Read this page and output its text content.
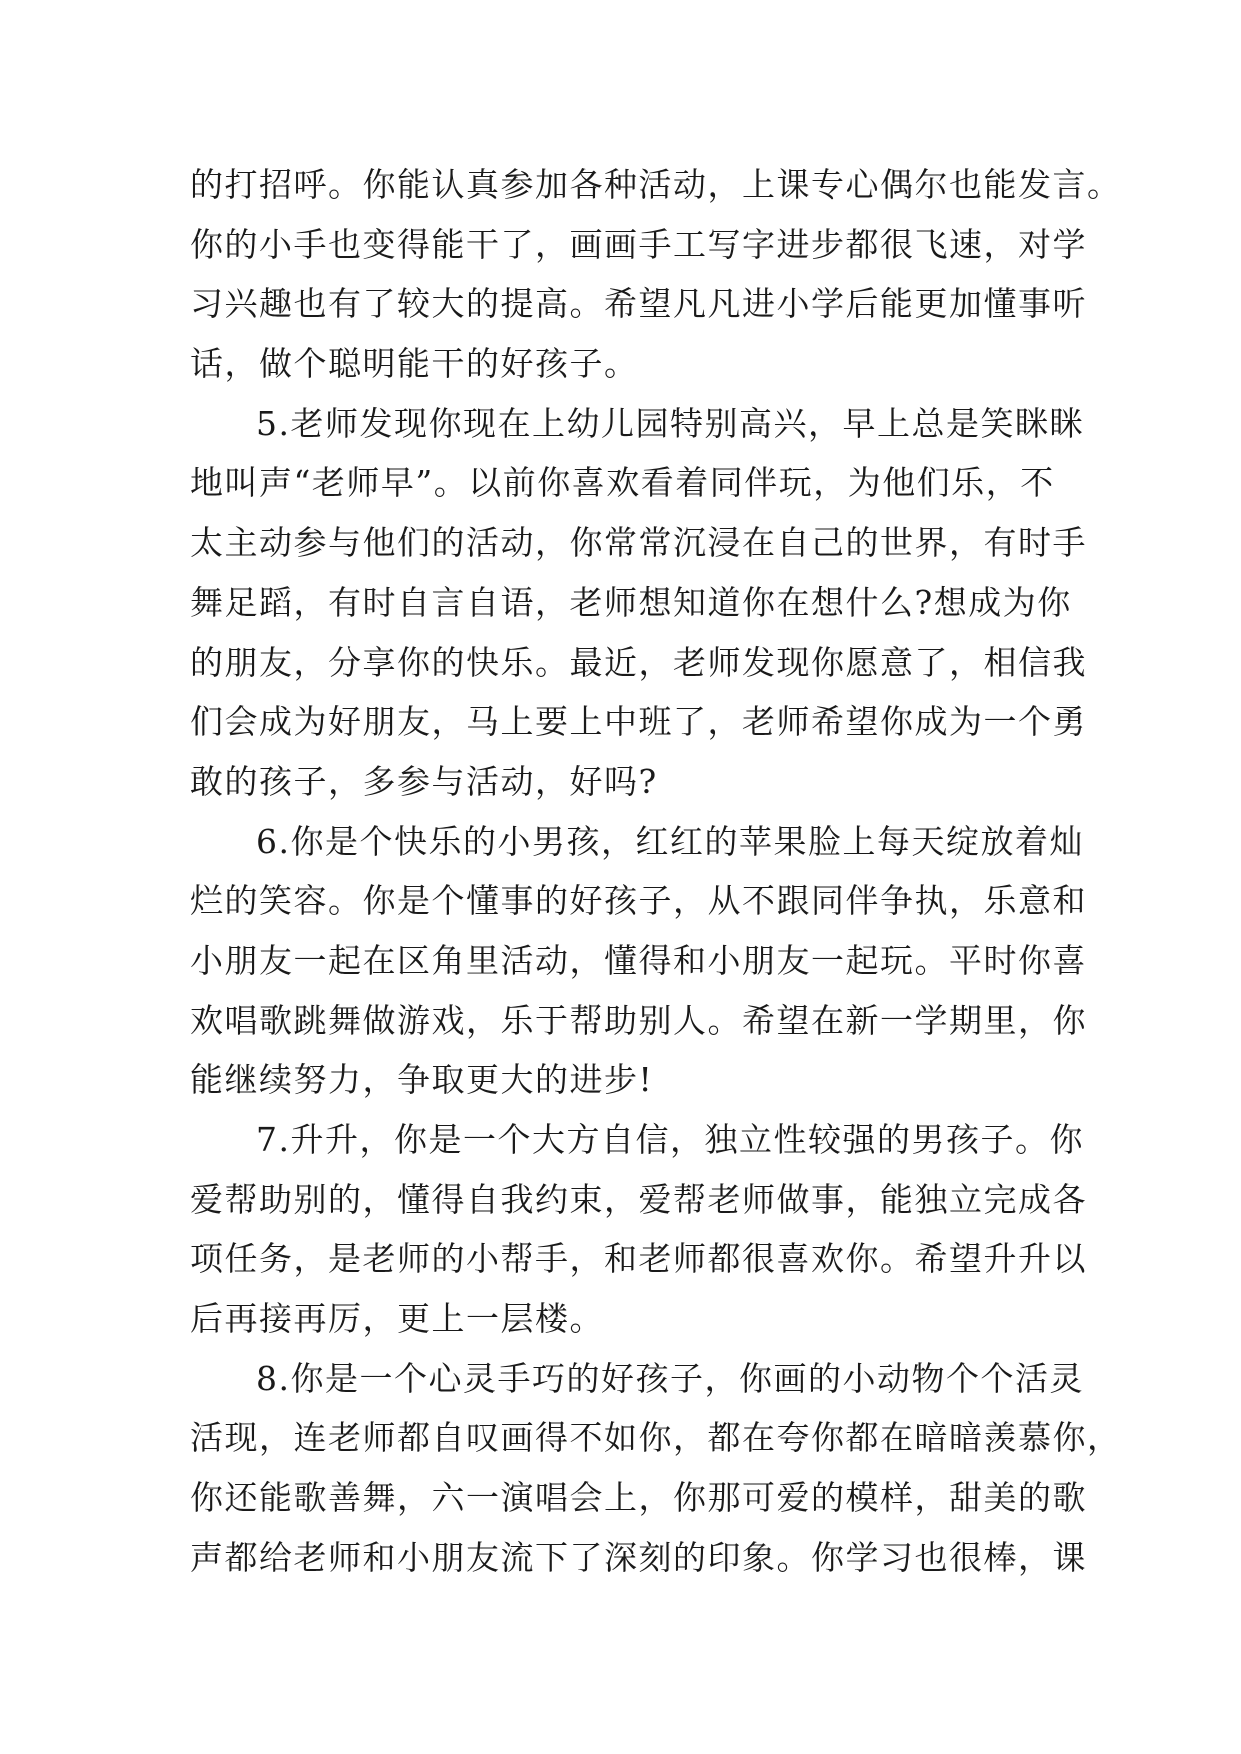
的打招呼。你能认真参加各种活动，上课专心偶尔也能发言。
你的小手也变得能干了，画画手工写字进步都很飞速，对学
习兴趣也有了较大的提高。希望凡凡进小学后能更加懂事听
话，做个聪明能干的好孩子。
5.老师发现你现在上幼儿园特别高兴，早上总是笑眯眯
地叫声“老师早”。以前你喜欢看着同伴玩，为他们乐，不
太主动参与他们的活动，你常常沉浸在自己的世界，有时手
舞足蹈，有时自言自语，老师想知道你在想什么?想成为你
的朋友，分享你的快乐。最近，老师发现你愿意了，相信我
们会成为好朋友，马上要上中班了，老师希望你成为一个勇
敢的孩子，多参与活动，好吗?
6.你是个快乐的小男孩，红红的苹果脸上每天绽放着灿
烂的笑容。你是个懂事的好孩子，从不跟同伴争执，乐意和
小朋友一起在区角里活动，懂得和小朋友一起玩。平时你喜
欢唱歌跳舞做游戏，乐于帮助别人。希望在新一学期里，你
能继续努力，争取更大的进步!
7.升升，你是一个大方自信，独立性较强的男孩子。你
爱帮助别的，懂得自我约束，爱帮老师做事，能独立完成各
项任务，是老师的小帮手，和老师都很喜欢你。希望升升以
后再接再厉，更上一层楼。
8.你是一个心灵手巧的好孩子，你画的小动物个个活灵
活现，连老师都自叹画得不如你，都在夸你都在暗暗羡慕你，
你还能歌善舞，六一演唱会上，你那可爱的模样，甜美的歌
声都给老师和小朋友流下了深刻的印象。你学习也很棒，课
